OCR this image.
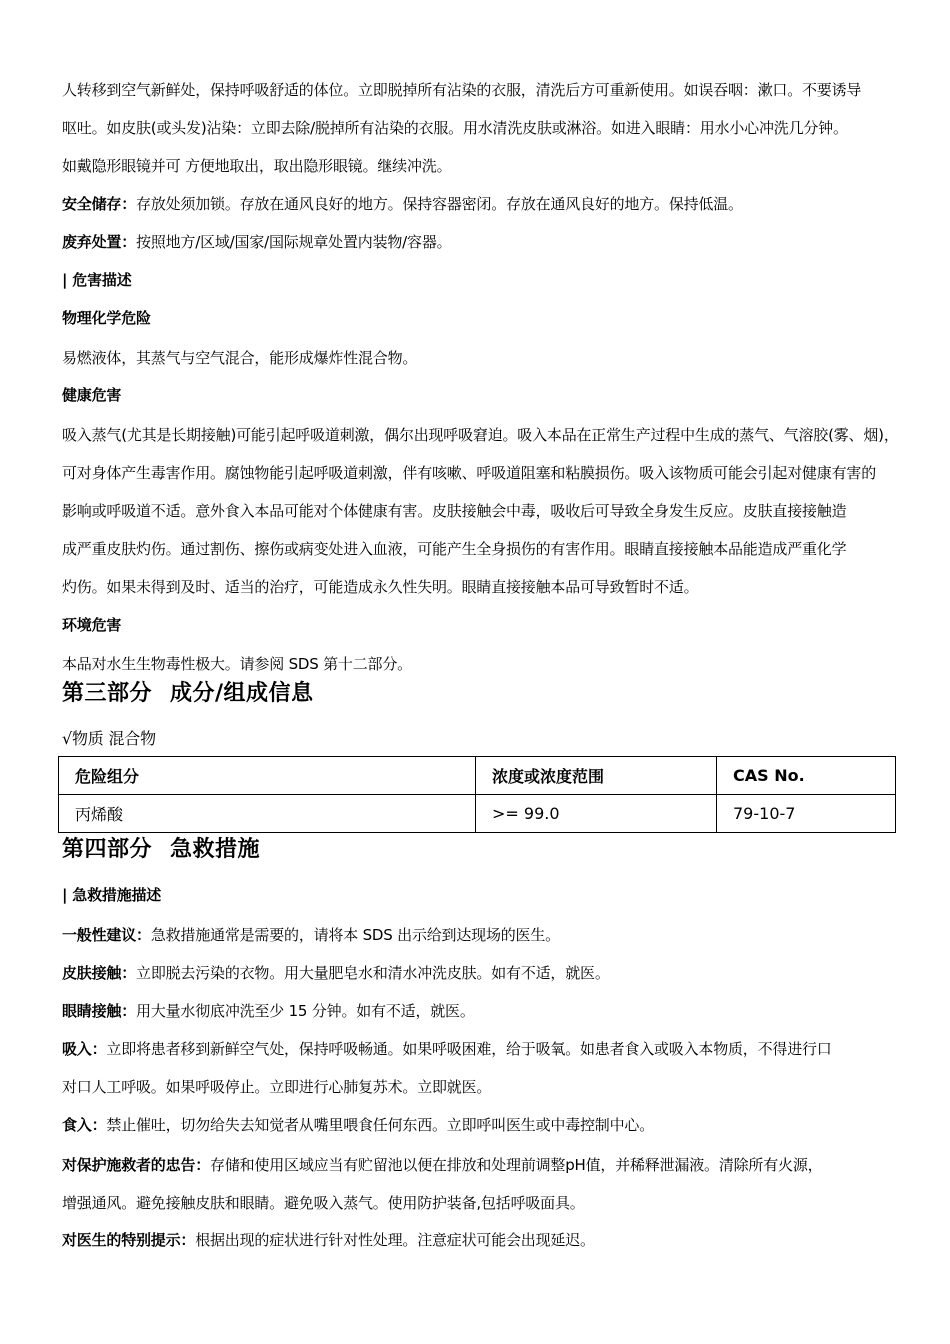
人转移到空气新鲜处，保持呼吸舒适的体位。立即脱掉所有沾染的衣服，清洗后方可重新使用。如误吞咽：漱口。不要诱导
呕吐。如皮肤(或头发)沾染：立即去除/脱掉所有沾染的衣服。用水清洗皮肤或淋浴。如进入眼睛：用水小心冲洗几分钟。
如戴隐形眼镜并可 方便地取出，取出隐形眼镜。继续冲洗。
安全储存：存放处须加锁。存放在通风良好的地方。保持容器密闭。存放在通风良好的地方。保持低温。
废弃处置：按照地方/区域/国家/国际规章处置内装物/容器。
| 危害描述
物理化学危险
易燃液体，其蒸气与空气混合，能形成爆炸性混合物。
健康危害
吸入蒸气(尤其是长期接触)可能引起呼吸道刺激，偶尔出现呼吸窘迫。吸入本品在正常生产过程中生成的蒸气、气溶胶(雾、烟)，
可对身体产生毒害作用。腐蚀物能引起呼吸道刺激，伴有咳嗽、呼吸道阻塞和粘膜损伤。吸入该物质可能会引起对健康有害的
影响或呼吸道不适。意外食入本品可能对个体健康有害。皮肤接触会中毒，吸收后可导致全身发生反应。皮肤直接接触造
成严重皮肤灼伤。通过割伤、擦伤或病变处进入血液，可能产生全身损伤的有害作用。眼睛直接接触本品能造成严重化学
灼伤。如果未得到及时、适当的治疗，可能造成永久性失明。眼睛直接接触本品可导致暂时不适。
环境危害
本品对水生生物毒性极大。请参阅 SDS 第十二部分。
第三部分 成分/组成信息
√物质 混合物
危险组分	浓度或浓度范围	CAS No.
丙烯酸	>= 99.0	79-10-7
第四部分 急救措施
| 急救措施描述
一般性建议：急救措施通常是需要的，请将本 SDS 出示给到达现场的医生。
皮肤接触：立即脱去污染的衣物。用大量肥皂水和清水冲洗皮肤。如有不适，就医。
眼睛接触：用大量水彻底冲洗至少 15 分钟。如有不适，就医。
吸入：立即将患者移到新鲜空气处，保持呼吸畅通。如果呼吸困难，给于吸氧。如患者食入或吸入本物质，不得进行口
对口人工呼吸。如果呼吸停止。立即进行心肺复苏术。立即就医。
食入：禁止催吐，切勿给失去知觉者从嘴里喂食任何东西。立即呼叫医生或中毒控制中心。
对保护施救者的忠告：存储和使用区域应当有贮留池以便在排放和处理前调整pH值，并稀释泄漏液。清除所有火源，
增强通风。避免接触皮肤和眼睛。避免吸入蒸气。使用防护装备,包括呼吸面具。
对医生的特别提示：根据出现的症状进行针对性处理。注意症状可能会出现延迟。
